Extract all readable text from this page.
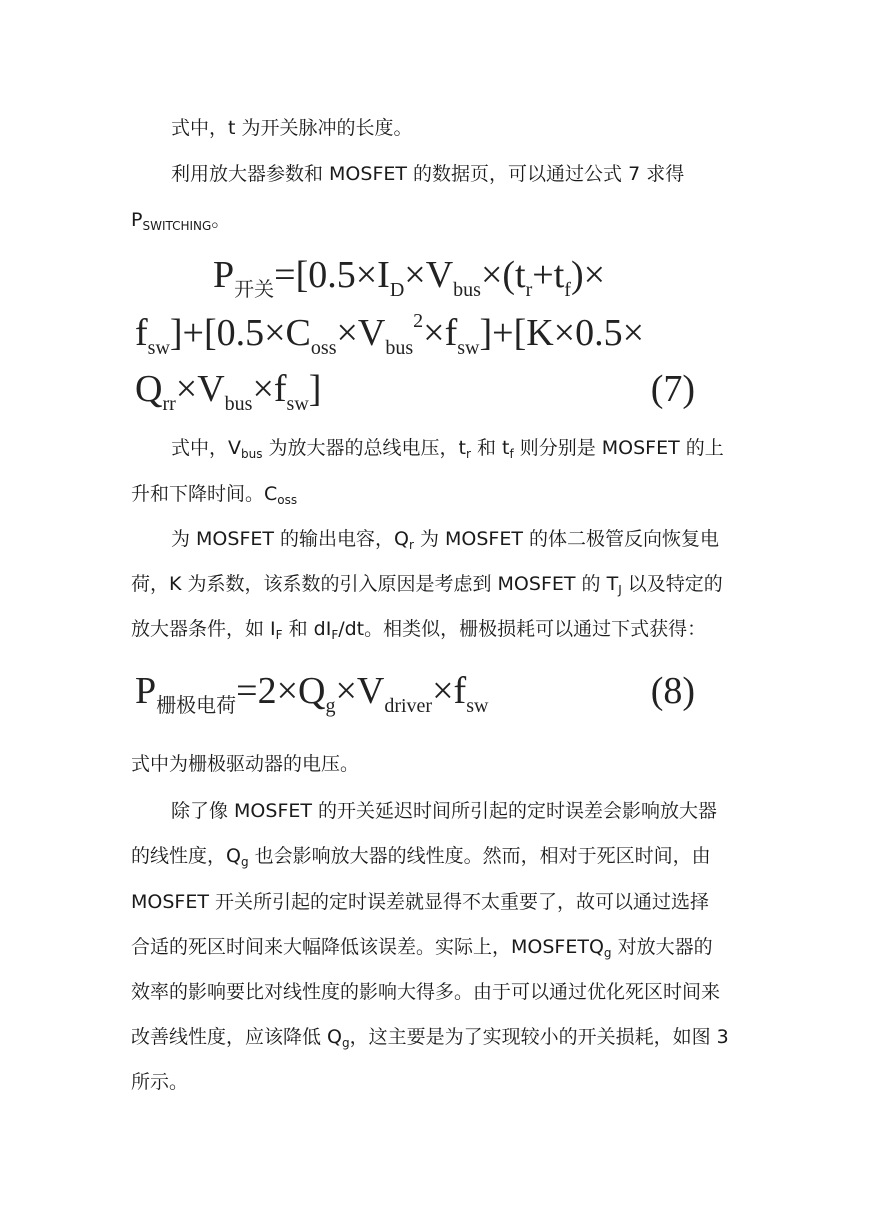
式中，t 为开关脉冲的长度。
利用放大器参数和 MOSFET 的数据页，可以通过公式 7 求得
$P_{SWITCHING}$。
$P_{开关}=[0.5\times I_D\times V_{bus}\times(t_r+t_f)\times$
$f_{sw}]+[0.5\times C_{oss}\times V_{bus}^2\times f_{sw}]+[K\times 0.5\times$
$Q_{rr}\times V_{bus}\times f_{sw}$]	(7)
式中，$V_{bus}$ 为放大器的总线电压，$t_r$ 和 $t_f$ 则分别是 MOSFET 的上
升和下降时间。$C_{oss}$
为 MOSFET 的输出电容，$Q_r$ 为 MOSFET 的体二极管反向恢复电
荷，K 为系数，该系数的引入原因是考虑到 MOSFET 的 $T_J$ 以及特定的
放大器条件，如 $I_F$ 和 $dI_F/dt$。相类似，栅极损耗可以通过下式获得：
$P_{栅极电荷}=2\times Q_g\times V_{driver}\times f_{sw}$	(8)
式中为栅极驱动器的电压。
除了像 MOSFET 的开关延迟时间所引起的定时误差会影响放大器
的线性度，$Q_g$ 也会影响放大器的线性度。然而，相对于死区时间，由
MOSFET 开关所引起的定时误差就显得不太重要了，故可以通过选择
合适的死区时间来大幅降低该误差。实际上，$MOSFETQ_g$ 对放大器的
效率的影响要比对线性度的影响大得多。由于可以通过优化死区时间来
改善线性度，应该降低 $Q_g$，这主要是为了实现较小的开关损耗，如图 3
所示。
